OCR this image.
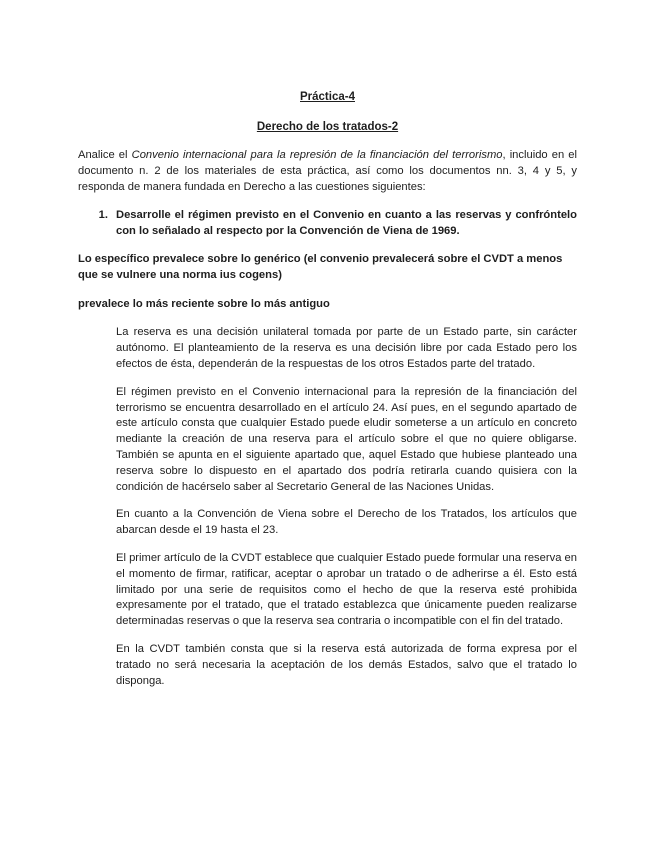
Práctica-4

Derecho de los tratados-2

Analice el Convenio internacional para la represión de la financiación del terrorismo, incluido en el documento n. 2 de los materiales de esta práctica, así como los documentos nn. 3, 4 y 5, y responda de manera fundada en Derecho a las cuestiones siguientes:

1. Desarrolle el régimen previsto en el Convenio en cuanto a las reservas y confróntelo con lo señalado al respecto por la Convención de Viena de 1969.

Lo específico prevalece sobre lo genérico (el convenio prevalecerá sobre el CVDT a menos que se vulnere una norma ius cogens)

prevalece lo más reciente sobre lo más antiguo

La reserva es una decisión unilateral tomada por parte de un Estado parte, sin carácter autónomo. El planteamiento de la reserva es una decisión libre por cada Estado pero los efectos de ésta, dependerán de la respuestas de los otros Estados parte del tratado.

El régimen previsto en el Convenio internacional para la represión de la financiación del terrorismo se encuentra desarrollado en el artículo 24. Así pues, en el segundo apartado de este artículo consta que cualquier Estado puede eludir someterse a un artículo en concreto mediante la creación de una reserva para el artículo sobre el que no quiere obligarse. También se apunta en el siguiente apartado que, aquel Estado que hubiese planteado una reserva sobre lo dispuesto en el apartado dos podría retirarla cuando quisiera con la condición de hacérselo saber al Secretario General de las Naciones Unidas.

En cuanto a la Convención de Viena sobre el Derecho de los Tratados, los artículos que abarcan desde el 19 hasta el 23.

El primer artículo de la CVDT establece que cualquier Estado puede formular una reserva en el momento de firmar, ratificar, aceptar o aprobar un tratado o de adherirse a él. Esto está limitado por una serie de requisitos como el hecho de que la reserva esté prohibida expresamente por el tratado, que el tratado establezca que únicamente pueden realizarse determinadas reservas o que la reserva sea contraria o incompatible con el fin del tratado.

En la CVDT también consta que si la reserva está autorizada de forma expresa por el tratado no será necesaria la aceptación de los demás Estados, salvo que el tratado lo disponga.
